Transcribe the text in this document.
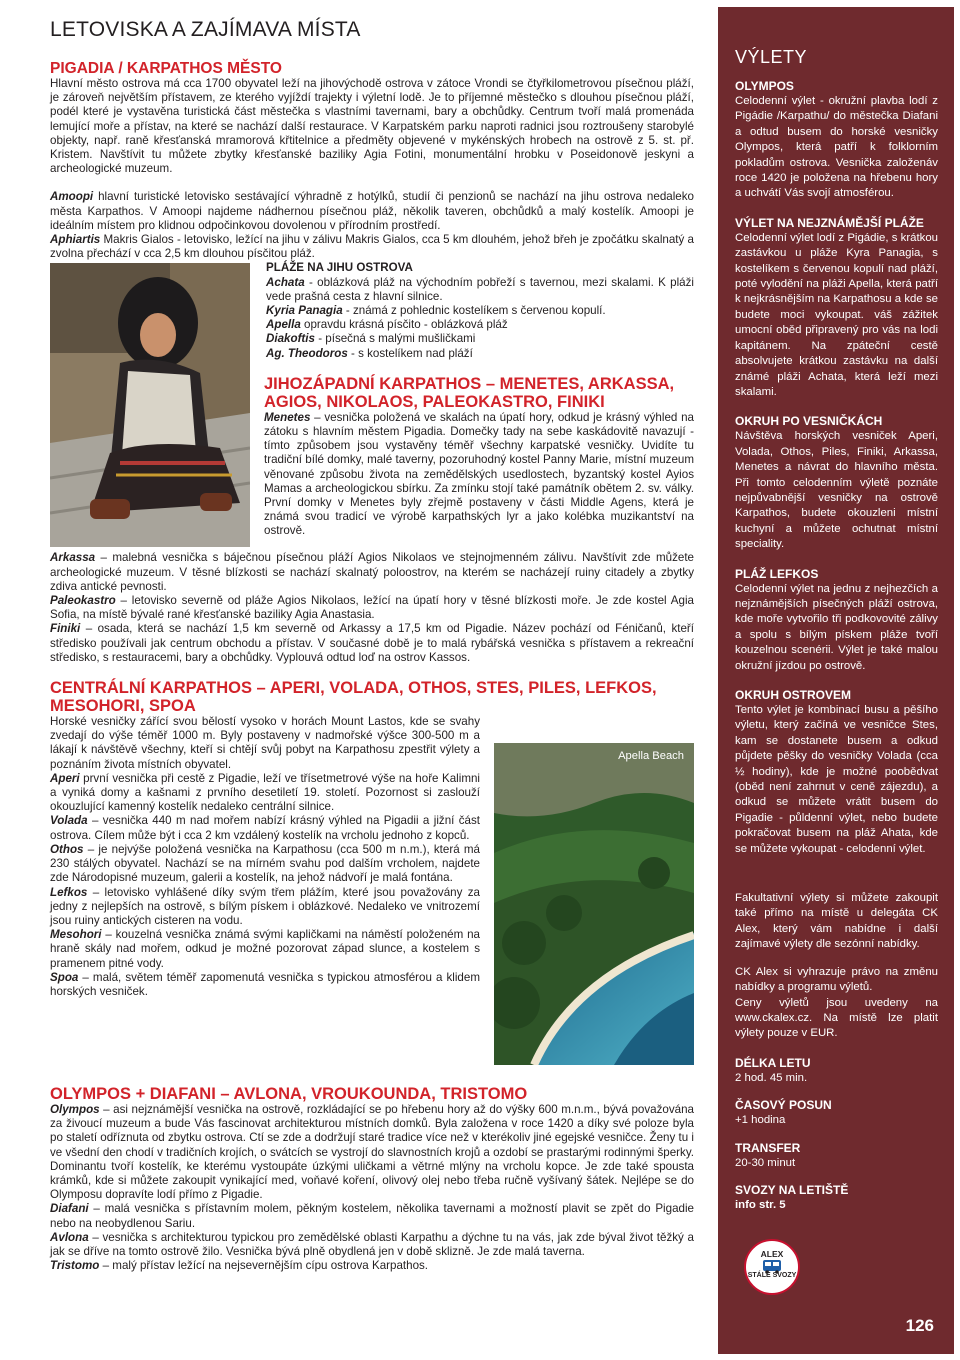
LETOVISKA A ZAJÍMAVA MÍSTA
PIGADIA / KARPATHOS MĚSTO

Hlavní město ostrova má cca 1700 obyvatel leží na jihovýchodě ostrova v zátoce Vrondi se čtyřkilometrovou písečnou pláží, je zároveň největším přístavem, ze kterého vyjíždí trajekty i výletní lodě. Je to příjemné městečko s dlouhou písečnou pláží, podél které je vystavěna turistická část městečka s vlastními tavernami, bary a obchůdky. Centrum tvoří malá promenáda lemující moře a přístav, na které se nachází další restaurace. V Karpatském parku naproti radnici jsou roztroušeny starobylé objekty, např. raně křesťanská mramorová křtitelnice a předměty objevené v mykénských hrobech na ostrově z 5. st. př. Kristem. Navštívit tu můžete zbytky křesťanské baziliky Agia Fotini, monumentální hrobku v Poseidonově jeskyni a archeologické muzeum.

Amoopi hlavní turistické letovisko sestávající výhradně z hotýlků, studií či penzionů se nachází na jihu ostrova nedaleko města Karpathos. V Amoopi najdeme nádhernou písečnou pláž, několik taveren, obchůdků a malý kostelík. Amoopi je ideálním místem pro klidnou odpočinkovou dovolenou v přírodním prostředí.

Aphiartis Makris Gialos - letovisko, ležící na jihu v zálivu Makris Gialos, cca 5 km dlouhém, jehož břeh je zpočátku skalnatý a zvolna přechází v cca 2,5 km dlouhou písčitou pláž.

PLÁŽE NA JIHU OSTROVA

Achata - oblázková pláž na východním pobřeží s tavernou, mezi skalami. K pláži vede prašná cesta z hlavní silnice.

Kyria Panagia - známá z pohlednic kostelíkem s červenou kopulí.

Apella opravdu krásná písčito - oblázková pláž

Diakoftis - písečná s malými mušličkami

Ag. Theodoros - s kostelíkem nad pláží

JIHOZÁPADNÍ KARPATHOS – MENETES, ARKASSA, AGIOS, NIKOLAOS, PALEOKASTRO, FINIKI

Menetes – vesnička položená ve skalách na úpatí hory, odkud je krásný výhled na zátoku s hlavním městem Pigadia. Domečky tady na sebe kaskádovitě navazují - tímto způsobem jsou vystavěny téměř všechny karpatské vesničky. Uvidíte tu tradiční bílé domky, malé taverny, pozoruhodný kostel Panny Marie, místní muzeum věnované způsobu života na zemědělských usedlostech, byzantský kostel Ayios Mamas a archeologickou sbírku. Za zmínku stojí také památník obětem 2. sv. války. První domky v Menetes byly zřejmě postaveny v části Middle Agens, která je známá svou tradicí ve výrobě karpathských lyr a jako kolébka muzikantství na ostrově.

Arkassa – malebná vesnička s báječnou písečnou pláží Agios Nikolaos ve stejnojmenném zálivu. Navštívit zde můžete archeologické muzeum. V těsné blízkosti se nachází skalnatý poloostrov, na kterém se nacházejí ruiny citadely a zbytky zdiva antické pevnosti.

Paleokastro – letovisko severně od pláže Agios Nikolaos, ležící na úpatí hory v těsné blízkosti moře. Je zde kostel Agia Sofia, na místě bývalé rané křesťanské baziliky Agia Anastasia.

Finiki – osada, která se nachází 1,5 km severně od Arkassy a 17,5 km od Pigadie. Název pochází od Féničanů, kteří středisko používali jak centrum obchodu a přístav. V současné době je to malá rybářská vesnička s přístavem a rekreační středisko, s restauracemi, bary a obchůdky. Vyplouvá odtud loď na ostrov Kassos.

CENTRÁLNÍ KARPATHOS – APERI, VOLADA, OTHOS, STES, PILES, LEFKOS, MESOHORI, SPOA
Apella Beach

Horské vesničky zářící svou bělostí vysoko v horách Mount Lastos, kde se svahy zvedají do výše téměř 1000 m. Byly postaveny v nadmořské výšce 300-500 m a lákají k návštěvě všechny, kteří si chtějí svůj pobyt na Karpathosu zpestřit výlety a poznáním života místních obyvatel.

Aperi první vesnička při cestě z Pigadie, leží ve třísetmetrové výše na hoře Kalimni a vyniká domy a kašnami z prvního desetiletí 19. století. Pozornost si zaslouží okouzlující kamenný kostelík nedaleko centrální silnice.

Volada – vesnička 440 m nad mořem nabízí krásný výhled na Pigadii a jižní část ostrova. Cílem může být i cca 2 km vzdálený kostelík na vrcholu jednoho z kopců.

Othos – je nejvýše položená vesnička na Karpathosu (cca 500 m n.m.), která má 230 stálých obyvatel. Nachází se na mírném svahu pod dalším vrcholem, najdete zde Národopisné muzeum, galerii a kostelík, na jehož nádvoří je malá fontána.

Lefkos – letovisko vyhlášené díky svým třem plážím, které jsou považovány za jedny z nejlepších na ostrově, s bílým pískem i oblázkové. Nedaleko ve vnitrozemí jsou ruiny antických cisteren na vodu.

Mesohori – kouzelná vesnička známá svými kapličkami na náměstí položeném na hraně skály nad mořem, odkud je možné pozorovat západ slunce, a kostelem s pramenem pitné vody.

Spoa – malá, světem téměř zapomenutá vesnička s typickou atmosférou a klidem horských vesniček.

OLYMPOS + DIAFANI – AVLONA, VROUKOUNDA, TRISTOMO

Olympos – asi nejznámější vesnička na ostrově, rozkládající se po hřebenu hory až do výšky 600 m.n.m., bývá považována za živoucí muzeum a bude Vás fascinovat architekturou místních domků. Byla založena v roce 1420 a díky své poloze byla po staletí odříznuta od zbytku ostrova. Ctí se zde a dodržují staré tradice více než v kterékoliv jiné egejské vesničce. Ženy tu i ve všední den chodí v tradičních krojích, o svátcích se vystrojí do slavnostních krojů a ozdobí se prastarými rodinnými šperky. Dominantu tvoří kostelík, ke kterému vystoupáte úzkými uličkami a větrné mlýny na vrcholu kopce. Je zde také spousta krámků, kde si můžete zakoupit vynikající med, voňavé koření, olivový olej nebo třeba ručně vyšívaný šátek. Nejlépe se do Olymposu dopravíte lodí přímo z Pigadie.

Diafani – malá vesnička s přístavním molem, pěkným kostelem, několika tavernami a možností plavit se zpět do Pigadie nebo na neobydlenou Sariu.

Avlona – vesnička s architekturou typickou pro zemědělské oblasti Karpathu a dýchne tu na vás, jak zde býval život těžký a jak se dříve na tomto ostrově žilo. Vesnička bývá plně obydlená jen v době sklizně. Je zde malá taverna.

Tristomo – malý přístav ležící na nejsevernějším cípu ostrova Karpathos.

VÝLETY
OLYMPOS

Celodenní výlet - okružní plavba lodí z Pigádie /Karpathu/ do městečka Diafani a odtud busem do horské vesničky Olympos, která patří k folklorním pokladům ostrova. Vesnička založenáv roce 1420 je položena na hřebenu hory a uchvátí Vás svojí atmosférou.

VÝLET NA NEJZNÁMĚJŠÍ PLÁŽE

Celodenní výlet lodí z Pigádie, s krátkou zastávkou u pláže Kyra Panagia, s kostelíkem s červenou kopulí nad pláží, poté vylodění na pláži Apella, která patří k nejkrásnějším na Karpathosu a kde se budete moci vykoupat. váš zážitek umocní oběd připravený pro vás na lodi kapitánem. Na zpáteční cestě absolvujete krátkou zastávku na další známé pláži Achata, která leží mezi skalami.

OKRUH PO VESNIČKÁCH

Návštěva horských vesniček Aperi, Volada, Othos, Piles, Finiki, Arkassa, Menetes a návrat do hlavního města. Při tomto celodenním výletě poznáte nejpůvabnější vesničky na ostrově Karpathos, budete okouzleni místní kuchyní a můžete ochutnat místní speciality.

PLÁŽ LEFKOS

Celodenní výlet na jednu z nejhezčích a nejznámějších písečných pláží ostrova, kde moře vytvořilo tři podkovovité zálivy a spolu s bílým pískem pláže tvoří kouzelnou scenérii. Výlet je také malou okružní jízdou po ostrově.

OKRUH OSTROVEM

Tento výlet je kombinací busu a pěšího výletu, který začíná ve vesničce Stes, kam se dostanete busem a odkud půjdete pěšky do vesničky Volada (cca ½ hodiny), kde je možné poobědvat (oběd není zahrnut v ceně zájezdu), a odkud se můžete vrátit busem do Pigadie - půldenní výlet, nebo budete pokračovat busem na pláž Ahata, kde se můžete vykoupat - celodenní výlet.

Fakultativní výlety si můžete zakoupit také přímo na místě u delegáta CK Alex, který vám nabídne i další zajímavé výlety dle sezónní nabídky.

CK Alex si vyhrazuje právo na změnu nabídky a programu výletů.

Ceny výletů jsou uvedeny na www.ckalex.cz. Na místě lze platit výlety pouze v EUR.

DÉLKA LETU

2 hod. 45 min.

ČASOVÝ POSUN

+1 hodina

TRANSFER

20-30 minut

SVOZY NA LETIŠTĚ

info str. 5

ALEX
STÁLÉ SVOZY
126
